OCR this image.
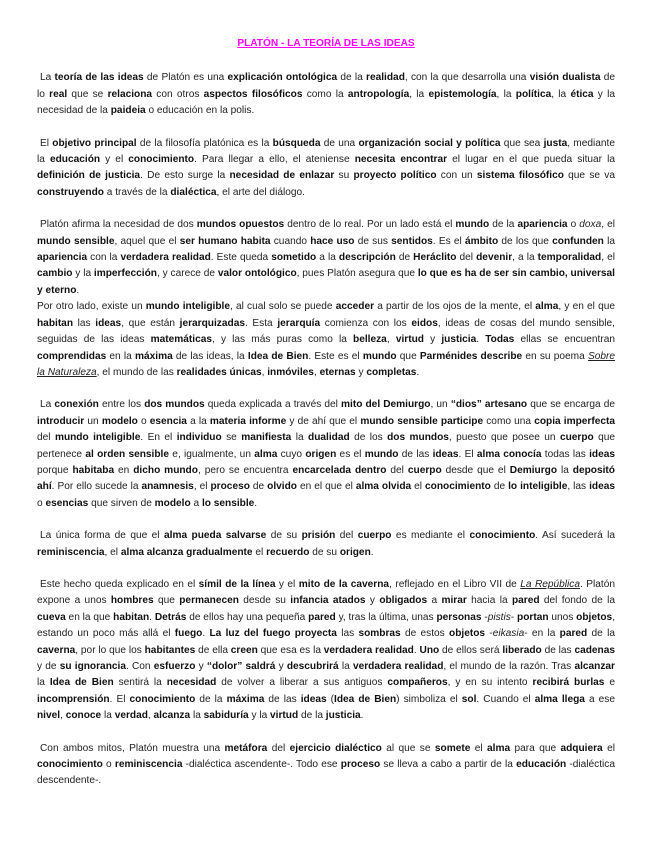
PLATÓN - LA TEORÍA DE LAS IDEAS

La teoría de las ideas de Platón es una explicación ontológica de la realidad, con la que desarrolla una visión dualista de lo real que se relaciona con otros aspectos filosóficos como la antropología, la epistemología, la política, la ética y la necesidad de la paideia o educación en la polis.

El objetivo principal de la filosofía platónica es la búsqueda de una organización social y política que sea justa, mediante la educación y el conocimiento. Para llegar a ello, el ateniense necesita encontrar el lugar en el que pueda situar la definición de justicia. De esto surge la necesidad de enlazar su proyecto político con un sistema filosófico que se va construyendo a través de la dialéctica, el arte del diálogo.

Platón afirma la necesidad de dos mundos opuestos dentro de lo real. Por un lado está el mundo de la apariencia o doxa, el mundo sensible, aquel que el ser humano habita cuando hace uso de sus sentidos. Es el ámbito de los que confunden la apariencia con la verdadera realidad. Este queda sometido a la descripción de Heráclito del devenir, a la temporalidad, el cambio y la imperfección, y carece de valor ontológico, pues Platón asegura que lo que es ha de ser sin cambio, universal y eterno.

Por otro lado, existe un mundo inteligible, al cual solo se puede acceder a partir de los ojos de la mente, el alma, y en el que habitan las ideas, que están jerarquizadas. Esta jerarquía comienza con los eidos, ideas de cosas del mundo sensible, seguidas de las ideas matemáticas, y las más puras como la belleza, virtud y justicia. Todas ellas se encuentran comprendidas en la máxima de las ideas, la Idea de Bien. Este es el mundo que Parménides describe en su poema Sobre la Naturaleza, el mundo de las realidades únicas, inmóviles, eternas y completas.

La conexión entre los dos mundos queda explicada a través del mito del Demiurgo, un “dios” artesano que se encarga de introducir un modelo o esencia a la materia informe y de ahí que el mundo sensible participe como una copia imperfecta del mundo inteligible. En el individuo se manifiesta la dualidad de los dos mundos, puesto que posee un cuerpo que pertenece al orden sensible e, igualmente, un alma cuyo origen es el mundo de las ideas. El alma conocía todas las ideas porque habitaba en dicho mundo, pero se encuentra encarcelada dentro del cuerpo desde que el Demiurgo la depositó ahí. Por ello sucede la anamnesis, el proceso de olvido en el que el alma olvida el conocimiento de lo inteligible, las ideas o esencias que sirven de modelo a lo sensible.

La única forma de que el alma pueda salvarse de su prisión del cuerpo es mediante el conocimiento. Así sucederá la reminiscencia, el alma alcanza gradualmente el recuerdo de su origen.

Este hecho queda explicado en el símil de la línea y el mito de la caverna, reflejado en el Libro VII de La República. Platón expone a unos hombres que permanecen desde su infancia atados y obligados a mirar hacia la pared del fondo de la cueva en la que habitan. Detrás de ellos hay una pequeña pared y, tras la última, unas personas -pistis- portan unos objetos, estando un poco más allá el fuego. La luz del fuego proyecta las sombras de estos objetos -eikasia- en la pared de la caverna, por lo que los habitantes de ella creen que esa es la verdadera realidad. Uno de ellos será liberado de las cadenas y de su ignorancia. Con esfuerzo y “dolor” saldrá y descubrirá la verdadera realidad, el mundo de la razón. Tras alcanzar la Idea de Bien sentirá la necesidad de volver a liberar a sus antiguos compañeros, y en su intento recibirá burlas e incomprensión. El conocimiento de la máxima de las ideas (Idea de Bien) simboliza el sol. Cuando el alma llega a ese nivel, conoce la verdad, alcanza la sabiduría y la virtud de la justicia.

Con ambos mitos, Platón muestra una metáfora del ejercicio dialéctico al que se somete el alma para que adquiera el conocimiento o reminiscencia -dialéctica ascendente-. Todo ese proceso se lleva a cabo a partir de la educación -dialéctica descendente-.
